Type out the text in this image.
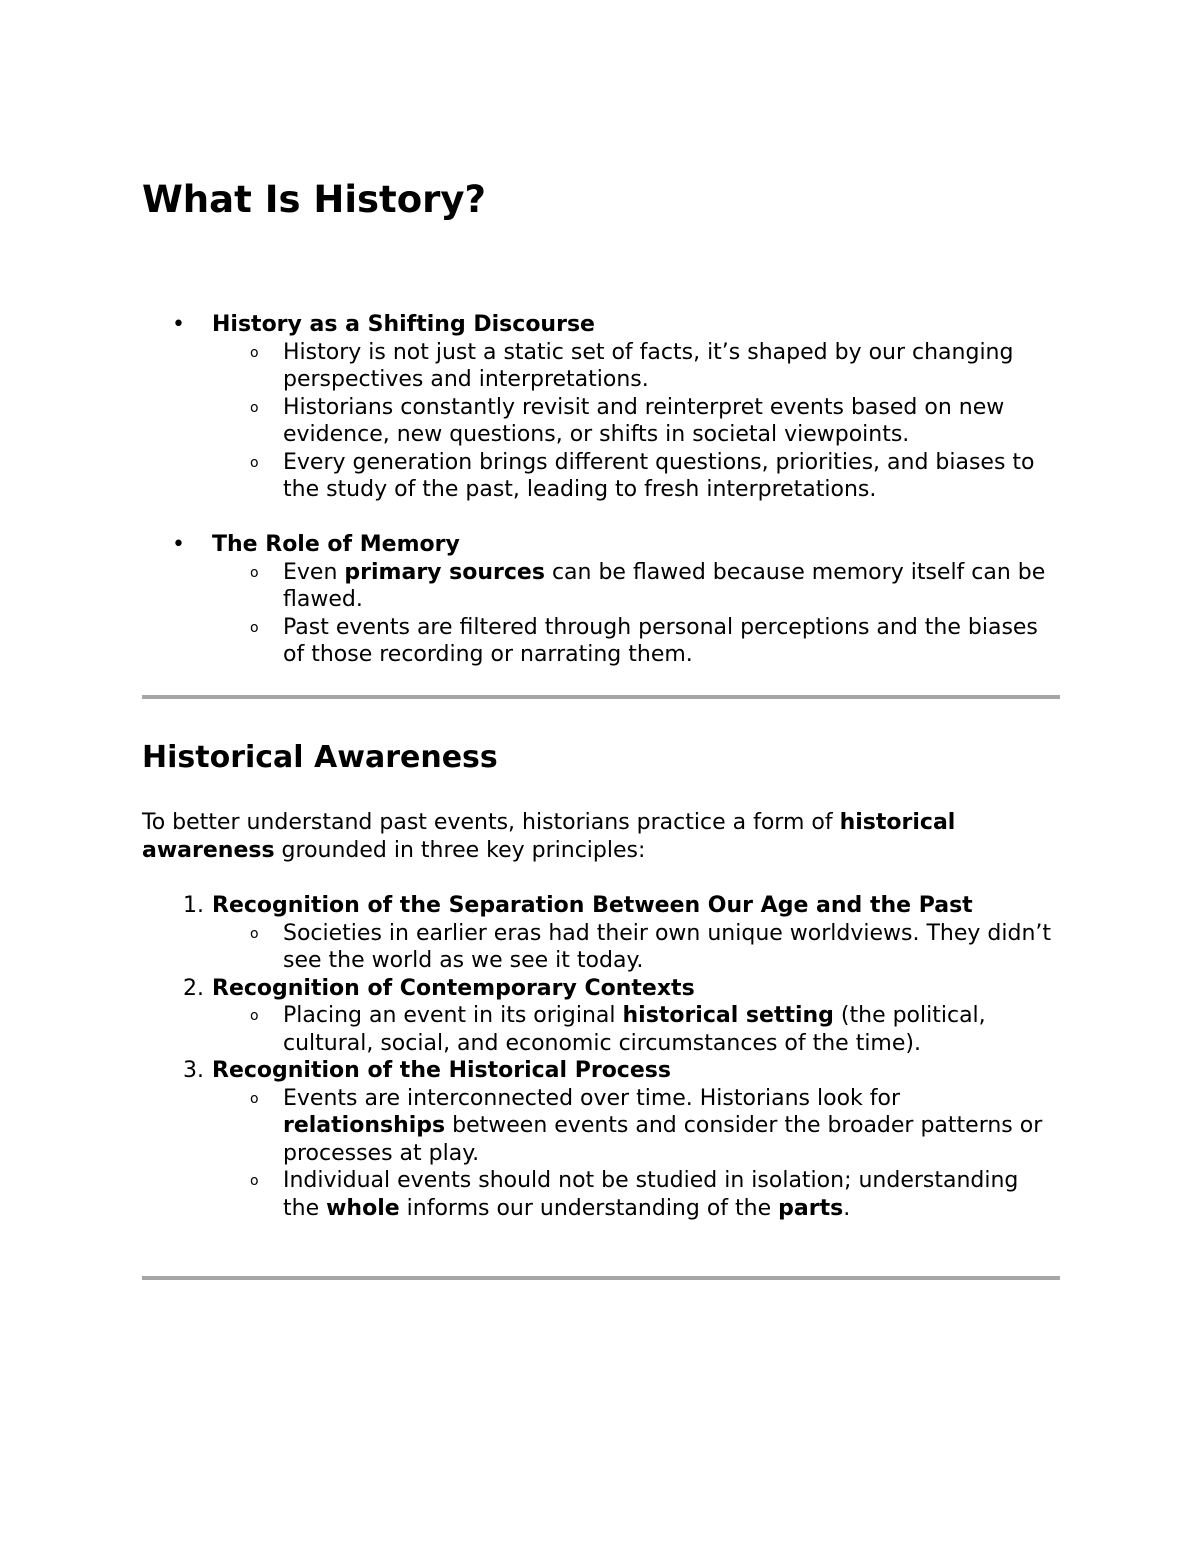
What Is History?
• History as a Shifting Discourse
o History is not just a static set of facts, it’s shaped by our changing perspectives and interpretations.
o Historians constantly revisit and reinterpret events based on new evidence, new questions, or shifts in societal viewpoints.
o Every generation brings different questions, priorities, and biases to the study of the past, leading to fresh interpretations.
• The Role of Memory
o Even primary sources can be flawed because memory itself can be flawed.
o Past events are filtered through personal perceptions and the biases of those recording or narrating them.
Historical Awareness

To better understand past events, historians practice a form of historical awareness grounded in three key principles:

1. Recognition of the Separation Between Our Age and the Past
o Societies in earlier eras had their own unique worldviews. They didn’t see the world as we see it today.
2. Recognition of Contemporary Contexts
o Placing an event in its original historical setting (the political, cultural, social, and economic circumstances of the time).
3. Recognition of the Historical Process
o Events are interconnected over time. Historians look for relationships between events and consider the broader patterns or processes at play.
o Individual events should not be studied in isolation; understanding the whole informs our understanding of the parts.
